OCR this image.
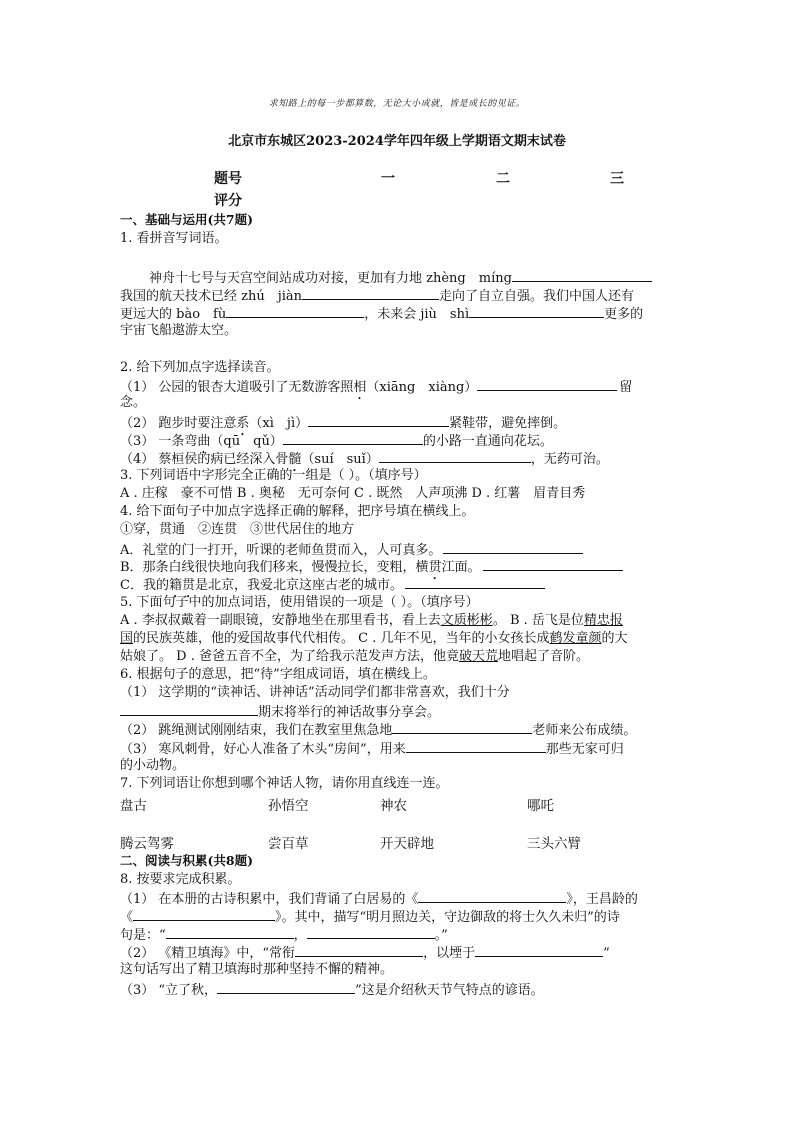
求知路上的每一步都算数，无论大小成就，皆是成长的见证。
北京市东城区2023-2024学年四年级上学期语文期末试卷
题号	一	二	三
评分
一、基础与运用(共7题)
1. 看拼音写词语。
神舟十七号与天宫空间站成功对接，更加有力地 zhèng　míng
我国的航天技术已经 zhú　jiàn	走向了自立自强。我们中国人还有
更远大的 bào　fù	，未来会 jiù　shì	更多的
宇宙飞船遨游太空。
2. 给下列加点字选择读音。
（1） 公园的银杏大道吸引了无数游客照相（xiāng　xiàng）	留
念。
（2） 跑步时要注意系（xì　jì）	紧鞋带，避免摔倒。
（3） 一条弯曲（qū　qǔ）	的小路一直通向花坛。
（4） 蔡桓侯的病已经深入骨髓（suí　suǐ）	，无药可治。
3. 下列词语中字形完全正确的一组是（ ）。（填序号）
A . 庄稼　豪不可惜 B . 奥秘　无可奈何 C . 既然　人声项沸 D . 红薯　眉青目秀
4. 给下面句子中加点字选择正确的解释，把序号填在横线上。
①穿，贯通　②连贯　③世代居住的地方
A．礼堂的门一打开，听课的老师鱼贯而入，人可真多。
B．那条白线很快地向我们移来，慢慢拉长，变粗，横贯江面。
C．我的籍贯是北京，我爱北京这座古老的城市。
5. 下面句子中的加点词语，使用错误的一项是（ ）。（填序号）
A . 李叔叔戴着一副眼镜，安静地坐在那里看书，看上去文质彬彬。 B . 岳飞是位精忠报
国的民族英雄，他的爱国故事代代相传。 C . 几年不见，当年的小女孩长成鹤发童颜的大
姑娘了。 D . 爸爸五音不全，为了给我示范发声方法，他竟破天荒地唱起了音阶。
6. 根据句子的意思，把“待”字组成词语，填在横线上。
（1） 这学期的“读神话、讲神话”活动同学们都非常喜欢，我们十分
期末将举行的神话故事分享会。
（2） 跳绳测试刚刚结束，我们在教室里焦急地	老师来公布成绩。
（3） 寒风刺骨，好心人准备了木头“房间”，用来	那些无家可归
的小动物。
7. 下列词语让你想到哪个神话人物，请你用直线连一连。
盘古	孙悟空	神农	哪吒
腾云驾雾	尝百草	开天辟地	三头六臂
二、阅读与积累(共8题)
8. 按要求完成积累。
（1） 在本册的古诗积累中，我们背诵了白居易的《	》，王昌龄的
《	》。其中，描写“明月照边关，守边御敌的将士久久未归”的诗
句是：“	，	。”
（2） 《精卫填海》中，“常衔	，以堙于	”
这句话写出了精卫填海时那种坚持不懈的精神。
（3） “立了秋，	”这是介绍秋天节气特点的谚语。
